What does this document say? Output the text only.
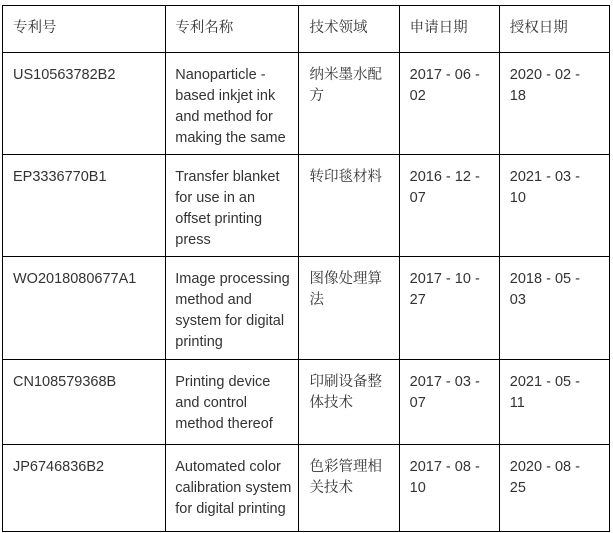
专利号	专利名称	技术领域	申请日期	授权日期
US10563782B2	Nanoparticle - based inkjet ink and method for making the same	纳米墨水配方	2017 - 06 - 02	2020 - 02 - 18
EP3336770B1	Transfer blanket for use in an offset printing press	转印毯材料	2016 - 12 - 07	2021 - 03 - 10
WO2018080677A1	Image processing method and system for digital printing	图像处理算法	2017 - 10 - 27	2018 - 05 - 03
CN108579368B	Printing device and control method thereof	印刷设备整体技术	2017 - 03 - 07	2021 - 05 - 11
JP6746836B2	Automated color calibration system for digital printing	色彩管理相关技术	2017 - 08 - 10	2020 - 08 - 25
